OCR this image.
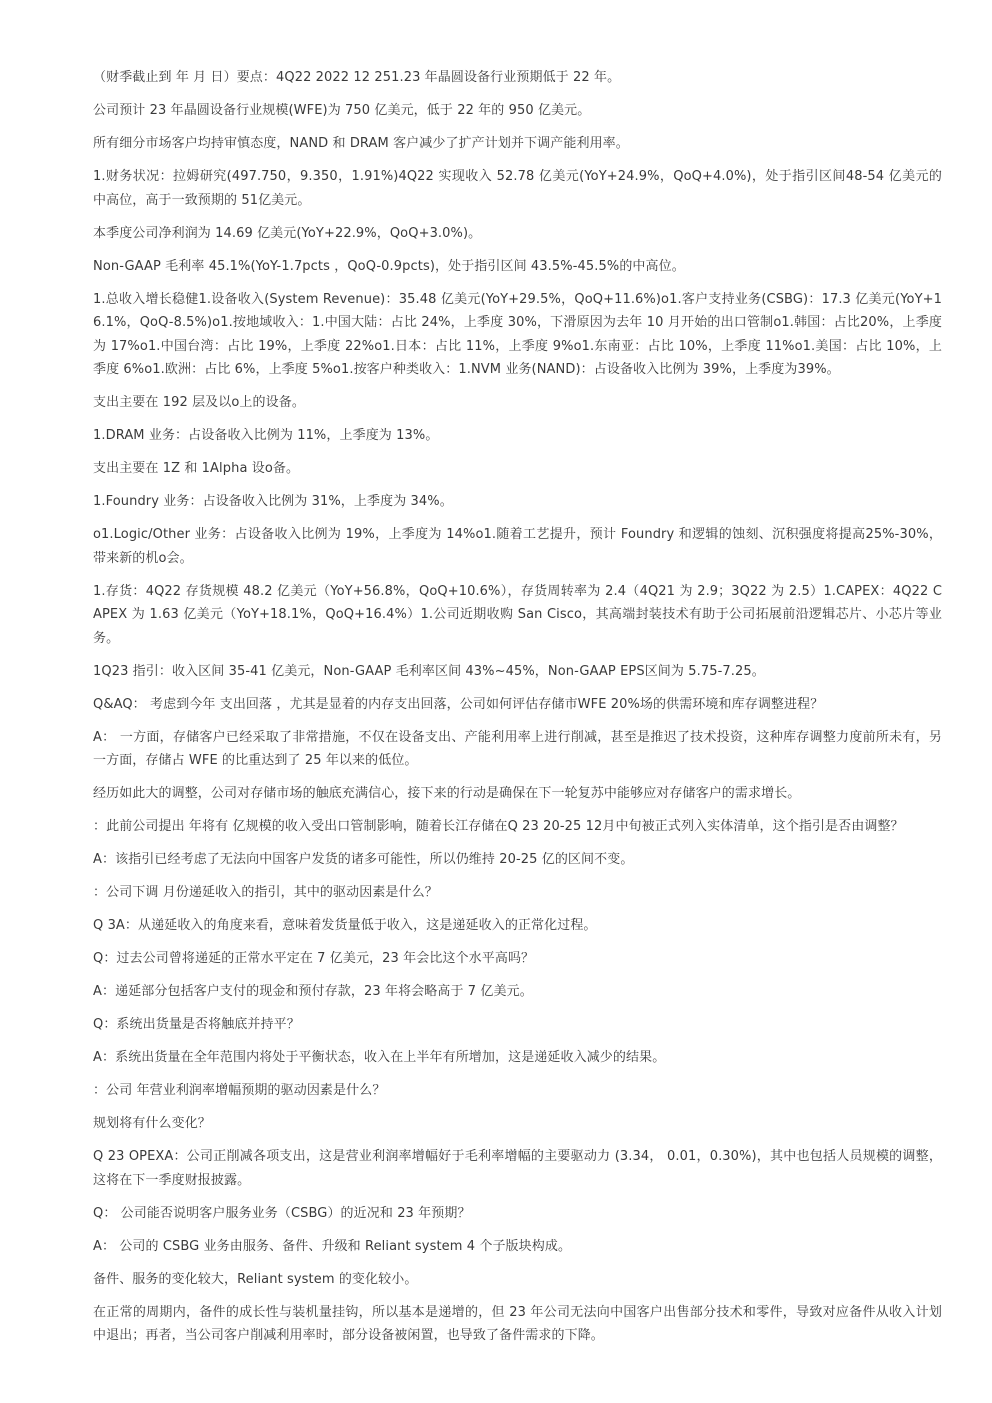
（财季截止到 年 月 日）要点：4Q22 2022 12 251.23 年晶圆设备行业预期低于 22 年。

公司预计 23 年晶圆设备行业规模(WFE)为 750 亿美元，低于 22 年的 950 亿美元。

所有细分市场客户均持审慎态度，NAND 和 DRAM 客户减少了扩产计划并下调产能利用率。

1.财务状况：拉姆研究(497.750，9.350，1.91%)4Q22 实现收入 52.78 亿美元(YoY+24.9%，QoQ+4.0%)，处于指引区间48-54 亿美元的中高位，高于一致预期的 51亿美元。

本季度公司净利润为 14.69 亿美元(YoY+22.9%，QoQ+3.0%)。

Non-GAAP 毛利率 45.1%(YoY-1.7pcts ，QoQ-0.9pcts)，处于指引区间 43.5%-45.5%的中高位。

1.总收入增长稳健1.设备收入(System Revenue)：35.48 亿美元(YoY+29.5%，QoQ+11.6%)o1.客户支持业务(CSBG)：17.3 亿美元(YoY+16.1%，QoQ-8.5%)o1.按地域收入：1.中国大陆：占比 24%，上季度 30%，下滑原因为去年 10 月开始的出口管制o1.韩国：占比20%，上季度为 17%o1.中国台湾：占比 19%，上季度 22%o1.日本：占比 11%，上季度 9%o1.东南亚：占比 10%，上季度 11%o1.美国：占比 10%，上季度 6%o1.欧洲：占比 6%，上季度 5%o1.按客户种类收入：1.NVM 业务(NAND)：占设备收入比例为 39%，上季度为39%。

支出主要在 192 层及以o上的设备。

1.DRAM 业务：占设备收入比例为 11%，上季度为 13%。

支出主要在 1Z 和 1Alpha 设o备。

1.Foundry 业务：占设备收入比例为 31%，上季度为 34%。

o1.Logic/Other 业务：占设备收入比例为 19%，上季度为 14%o1.随着工艺提升，预计 Foundry 和逻辑的蚀刻、沉积强度将提高25%-30%，带来新的机o会。

1.存货：4Q22 存货规模 48.2 亿美元（YoY+56.8%，QoQ+10.6%），存货周转率为 2.4（4Q21 为 2.9；3Q22 为 2.5）1.CAPEX：4Q22 CAPEX 为 1.63 亿美元（YoY+18.1%，QoQ+16.4%）1.公司近期收购 San Cisco，其高端封装技术有助于公司拓展前沿逻辑芯片、小芯片等业务。

1Q23 指引：收入区间 35-41 亿美元，Non-GAAP 毛利率区间 43%~45%，Non-GAAP EPS区间为 5.75-7.25。

Q&AQ： 考虑到今年 支出回落 ，尤其是显着的内存支出回落，公司如何评估存储市WFE 20%场的供需环境和库存调整进程？

A： 一方面，存储客户已经采取了非常措施，不仅在设备支出、产能利用率上进行削减，甚至是推迟了技术投资，这种库存调整力度前所未有，另一方面，存储占 WFE 的比重达到了 25 年以来的低位。

经历如此大的调整，公司对存储市场的触底充满信心，接下来的行动是确保在下一轮复苏中能够应对存储客户的需求增长。

：此前公司提出 年将有 亿规模的收入受出口管制影响，随着长江存储在Q 23 20-25 12月中旬被正式列入实体清单，这个指引是否由调整？

A：该指引已经考虑了无法向中国客户发货的诸多可能性，所以仍维持 20-25 亿的区间不变。

：公司下调 月份递延收入的指引，其中的驱动因素是什么？

Q 3A：从递延收入的角度来看，意味着发货量低于收入，这是递延收入的正常化过程。

Q：过去公司曾将递延的正常水平定在 7 亿美元，23 年会比这个水平高吗？

A：递延部分包括客户支付的现金和预付存款，23 年将会略高于 7 亿美元。

Q：系统出货量是否将触底并持平？

A：系统出货量在全年范围内将处于平衡状态，收入在上半年有所增加，这是递延收入减少的结果。

：公司 年营业利润率增幅预期的驱动因素是什么？

规划将有什么变化？

Q 23 OPEXA：公司正削减各项支出，这是营业利润率增幅好于毛利率增幅的主要驱动力 (3.34， 0.01，0.30%)，其中也包括人员规模的调整，这将在下一季度财报披露。

Q： 公司能否说明客户服务业务（CSBG）的近况和 23 年预期？

A： 公司的 CSBG 业务由服务、备件、升级和 Reliant system 4 个子版块构成。

备件、服务的变化较大，Reliant system 的变化较小。

在正常的周期内，备件的成长性与装机量挂钩，所以基本是递增的，但 23 年公司无法向中国客户出售部分技术和零件，导致对应备件从收入计划中退出；再者，当公司客户削减利用率时，部分设备被闲置，也导致了备件需求的下降。
